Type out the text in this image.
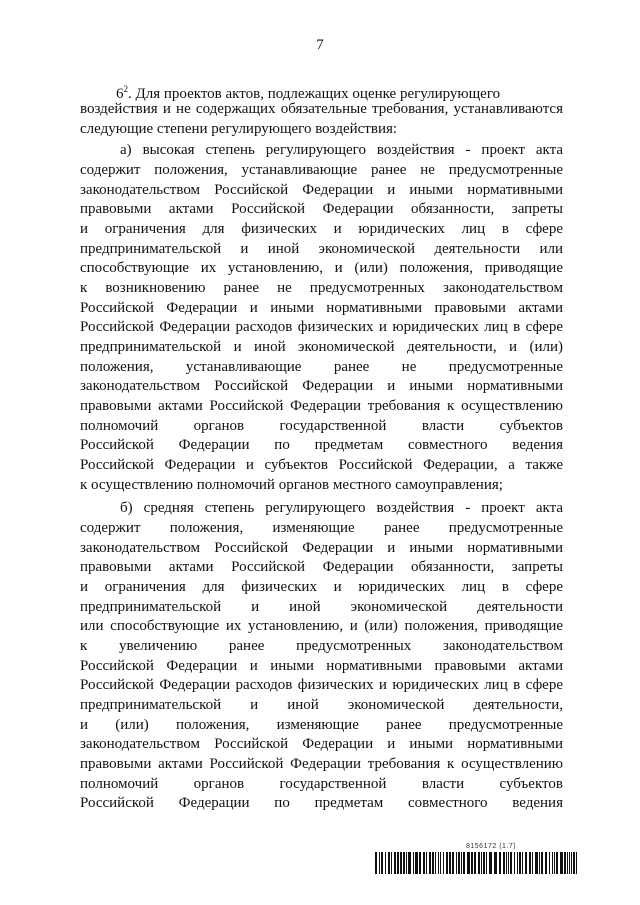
7
$6^2$. Для проектов актов, подлежащих оценке регулирующего
воздействия и не содержащих обязательные требования, устанавливаются
следующие степени регулирующего воздействия:
а) высокая степень регулирующего воздействия - проект акта
содержит положения, устанавливающие ранее не предусмотренные
законодательством Российской Федерации и иными нормативными
правовыми актами Российской Федерации обязанности, запреты
и ограничения для физических и юридических лиц в сфере
предпринимательской и иной экономической деятельности или
способствующие их установлению, и (или) положения, приводящие
к возникновению ранее не предусмотренных законодательством
Российской Федерации и иными нормативными правовыми актами
Российской Федерации расходов физических и юридических лиц в сфере
предпринимательской и иной экономической деятельности, и (или)
положения, устанавливающие ранее не предусмотренные
законодательством Российской Федерации и иными нормативными
правовыми актами Российской Федерации требования к осуществлению
полномочий органов государственной власти субъектов
Российской Федерации по предметам совместного ведения
Российской Федерации и субъектов Российской Федерации, а также
к осуществлению полномочий органов местного самоуправления;
б) средняя степень регулирующего воздействия - проект акта
содержит положения, изменяющие ранее предусмотренные
законодательством Российской Федерации и иными нормативными
правовыми актами Российской Федерации обязанности, запреты
и ограничения для физических и юридических лиц в сфере
предпринимательской и иной экономической деятельности
или способствующие их установлению, и (или) положения, приводящие
к увеличению ранее предусмотренных законодательством
Российской Федерации и иными нормативными правовыми актами
Российской Федерации расходов физических и юридических лиц в сфере
предпринимательской и иной экономической деятельности,
и (или) положения, изменяющие ранее предусмотренные
законодательством Российской Федерации и иными нормативными
правовыми актами Российской Федерации требования к осуществлению
полномочий органов государственной власти субъектов
Российской Федерации по предметам совместного ведения
8156172 (1.7)
